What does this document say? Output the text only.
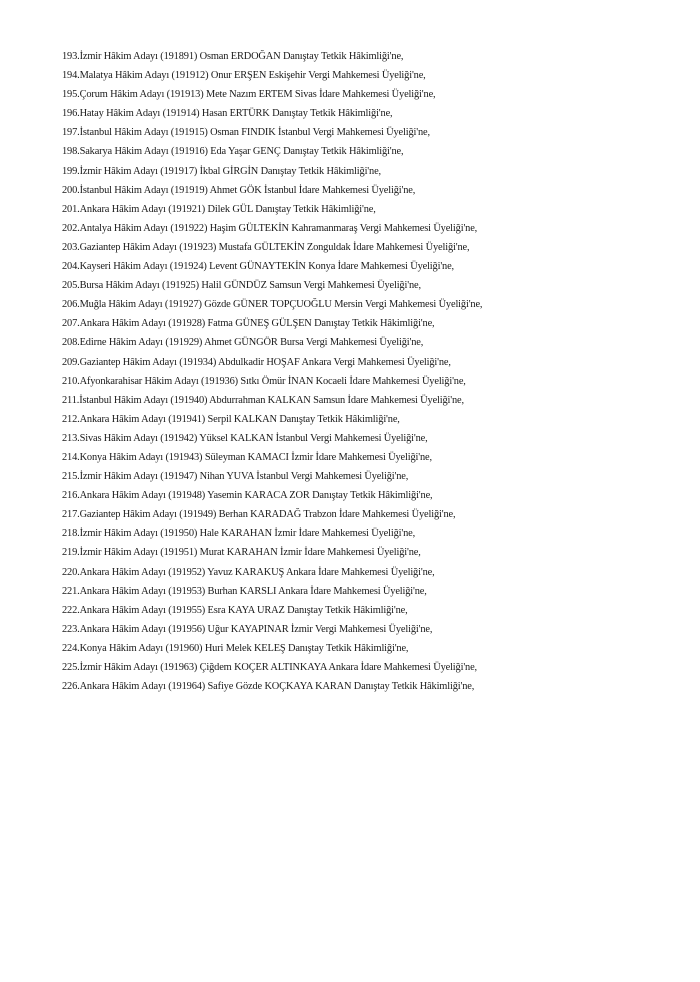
193.İzmir Hâkim Adayı (191891) Osman ERDOĞAN Danıştay Tetkik Hâkimliği'ne,
194.Malatya Hâkim Adayı (191912) Onur ERŞEN Eskişehir Vergi Mahkemesi Üyeliği'ne,
195.Çorum Hâkim Adayı (191913) Mete Nazım ERTEM Sivas İdare Mahkemesi Üyeliği'ne,
196.Hatay Hâkim Adayı (191914) Hasan ERTÜRK Danıştay Tetkik Hâkimliği'ne,
197.İstanbul Hâkim Adayı (191915) Osman FINDIK İstanbul Vergi Mahkemesi Üyeliği'ne,
198.Sakarya Hâkim Adayı (191916) Eda Yaşar GENÇ Danıştay Tetkik Hâkimliği'ne,
199.İzmir Hâkim Adayı (191917) İkbal GİRGİN Danıştay Tetkik Hâkimliği'ne,
200.İstanbul Hâkim Adayı (191919) Ahmet GÖK İstanbul İdare Mahkemesi Üyeliği'ne,
201.Ankara Hâkim Adayı (191921) Dilek GÜL Danıştay Tetkik Hâkimliği'ne,
202.Antalya Hâkim Adayı (191922) Haşim GÜLTEKİN Kahramanmaraş Vergi Mahkemesi Üyeliği'ne,
203.Gaziantep Hâkim Adayı (191923) Mustafa GÜLTEKİN Zonguldak İdare Mahkemesi Üyeliği'ne,
204.Kayseri Hâkim Adayı (191924) Levent GÜNAYTEKİN Konya İdare Mahkemesi Üyeliği'ne,
205.Bursa Hâkim Adayı (191925) Halil GÜNDÜZ Samsun Vergi Mahkemesi Üyeliği'ne,
206.Muğla Hâkim Adayı (191927) Gözde GÜNER TOPÇUOĞLU Mersin Vergi Mahkemesi Üyeliği'ne,
207.Ankara Hâkim Adayı (191928) Fatma GÜNEŞ GÜLŞEN Danıştay Tetkik Hâkimliği'ne,
208.Edirne Hâkim Adayı (191929) Ahmet GÜNGÖR Bursa Vergi Mahkemesi Üyeliği'ne,
209.Gaziantep Hâkim Adayı (191934) Abdulkadir HOŞAF Ankara Vergi Mahkemesi Üyeliği'ne,
210.Afyonkarahisar Hâkim Adayı (191936) Sıtkı Ömür İNAN Kocaeli İdare Mahkemesi Üyeliği'ne,
211.İstanbul Hâkim Adayı (191940) Abdurrahman KALKAN Samsun İdare Mahkemesi Üyeliği'ne,
212.Ankara Hâkim Adayı (191941) Serpil KALKAN Danıştay Tetkik Hâkimliği'ne,
213.Sivas Hâkim Adayı (191942) Yüksel KALKAN İstanbul Vergi Mahkemesi Üyeliği'ne,
214.Konya Hâkim Adayı (191943) Süleyman KAMACI İzmir İdare Mahkemesi Üyeliği'ne,
215.İzmir Hâkim Adayı (191947) Nihan YUVA İstanbul Vergi Mahkemesi Üyeliği'ne,
216.Ankara Hâkim Adayı (191948) Yasemin KARACA ZOR Danıştay Tetkik Hâkimliği'ne,
217.Gaziantep Hâkim Adayı (191949) Berhan KARADAĞ Trabzon İdare Mahkemesi Üyeliği'ne,
218.İzmir Hâkim Adayı (191950) Hale KARAHAN İzmir İdare Mahkemesi Üyeliği'ne,
219.İzmir Hâkim Adayı (191951) Murat KARAHAN İzmir İdare Mahkemesi Üyeliği'ne,
220.Ankara Hâkim Adayı (191952) Yavuz KARAKUŞ Ankara İdare Mahkemesi Üyeliği'ne,
221.Ankara Hâkim Adayı (191953) Burhan KARSLI Ankara İdare Mahkemesi Üyeliği'ne,
222.Ankara Hâkim Adayı (191955) Esra KAYA URAZ Danıştay Tetkik Hâkimliği'ne,
223.Ankara Hâkim Adayı (191956) Uğur KAYAPINAR İzmir Vergi Mahkemesi Üyeliği'ne,
224.Konya Hâkim Adayı (191960) Huri Melek KELEŞ Danıştay Tetkik Hâkimliği'ne,
225.İzmir Hâkim Adayı (191963) Çiğdem KOÇER ALTINKAYA Ankara İdare Mahkemesi Üyeliği'ne,
226.Ankara Hâkim Adayı (191964) Safiye Gözde KOÇKAYA KARAN Danıştay Tetkik Hâkimliği'ne,
